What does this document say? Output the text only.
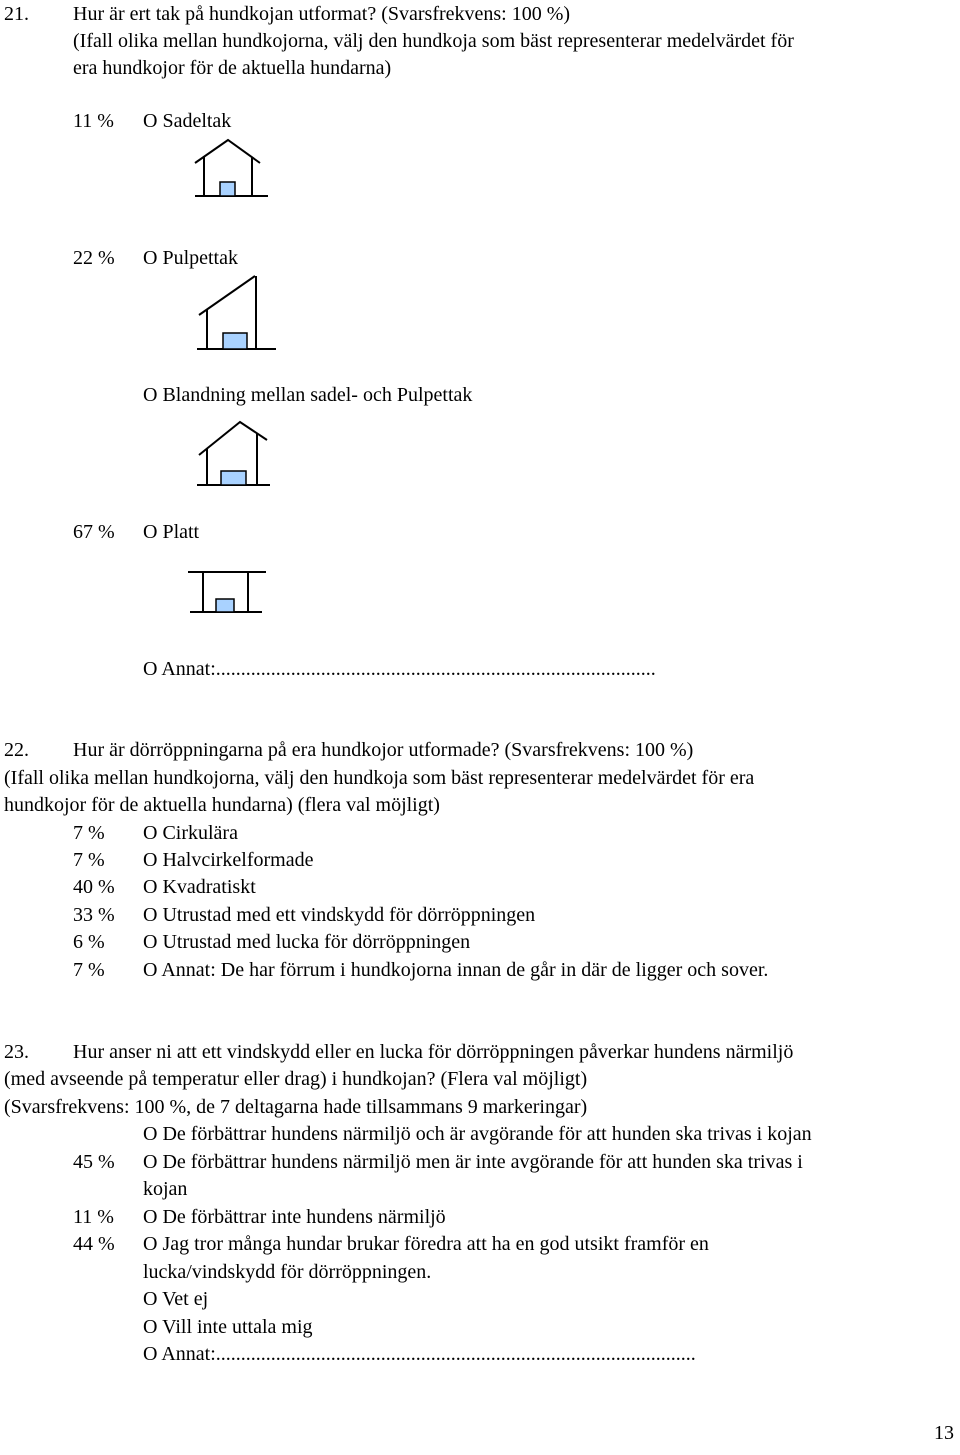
21. Hur är ert tak på hundkojan utformat? (Svarsfrekvens: 100 %)
(Ifall olika mellan hundkojorna, välj den hundkoja som bäst representerar medelvärdet för
era hundkojor för de aktuella hundarna)
11 % O Sadeltak
22 % O Pulpettak
O Blandning mellan sadel- och Pulpettak
67 % O Platt
O Annat:........................................................................................
22. Hur är dörröppningarna på era hundkojor utformade? (Svarsfrekvens: 100 %)
(Ifall olika mellan hundkojorna, välj den hundkoja som bäst representerar medelvärdet för era
hundkojor för de aktuella hundarna) (flera val möjligt)
7 % O Cirkulära
7 % O Halvcirkelformade
40 % O Kvadratiskt
33 % O Utrustad med ett vindskydd för dörröppningen
6 % O Utrustad med lucka för dörröppningen
7 % O Annat: De har förrum i hundkojorna innan de går in där de ligger och sover.
23. Hur anser ni att ett vindskydd eller en lucka för dörröppningen påverkar hundens närmiljö
(med avseende på temperatur eller drag) i hundkojan? (Flera val möjligt)
(Svarsfrekvens: 100 %, de 7 deltagarna hade tillsammans 9 markeringar)
O De förbättrar hundens närmiljö och är avgörande för att hunden ska trivas i kojan
45 % O De förbättrar hundens närmiljö men är inte avgörande för att hunden ska trivas i
kojan
11 % O De förbättrar inte hundens närmiljö
44 % O Jag tror många hundar brukar föredra att ha en god utsikt framför en
lucka/vindskydd för dörröppningen.
O Vet ej
O Vill inte uttala mig
O Annat:................................................................................................
13
